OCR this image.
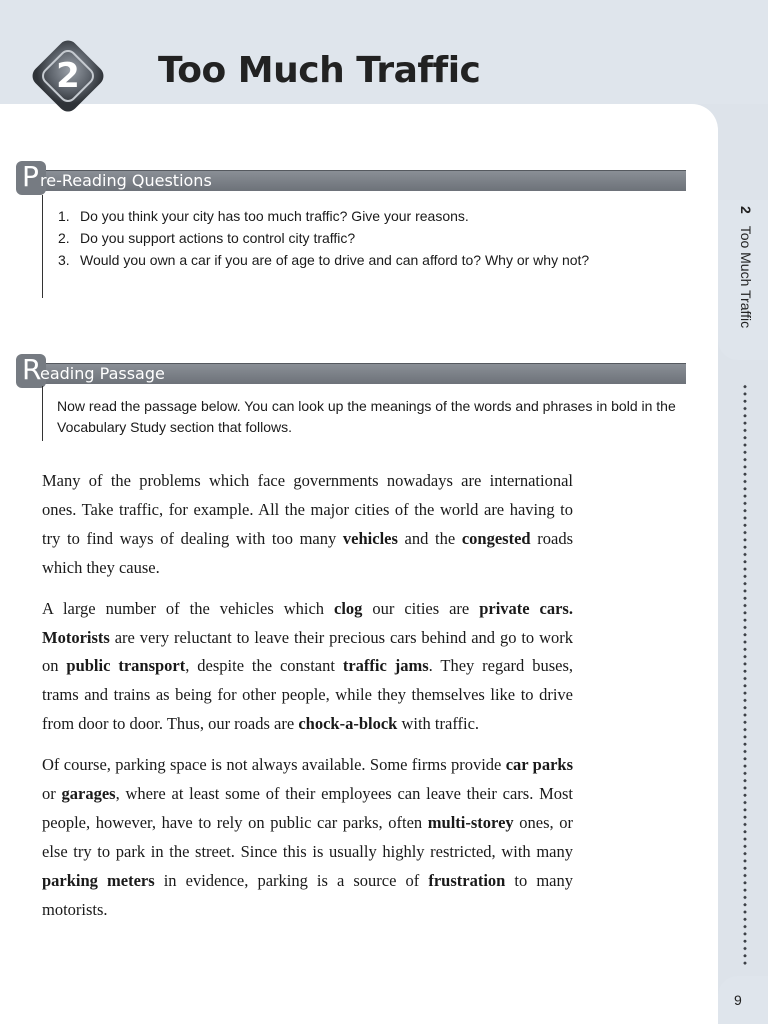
2	Too Much Traffic
2 Too Much Traffic
P re-Reading Questions
1. Do you think your city has too much traffic? Give your reasons.
2. Do you support actions to control city traffic?
3. Would you own a car if you are of age to drive and can afford to? Why or why not?
R
eading Passage
Now read the passage below. You can look up the meanings of the words and phrases in bold in the Vocabulary Study section that follows.

Many of the problems which face governments nowadays are international ones. Take traffic, for example. All the major cities of the world are having to try to find ways of dealing with too many vehicles and the congested roads which they cause.

A large number of the vehicles which clog our cities are private cars. Motorists are very reluctant to leave their precious cars behind and go to work on public transport, despite the constant traffic jams. They regard buses, trams and trains as being for other people, while they themselves like to drive from door to door. Thus, our roads are chock-a-block with traffic.

Of course, parking space is not always available. Some firms provide car parks or garages, where at least some of their employees can leave their cars. Most people, however, have to rely on public car parks, often multi-storey ones, or else try to park in the street. Since this is usually highly restricted, with many parking meters in evidence, parking is a source of frustration to many motorists.

9
